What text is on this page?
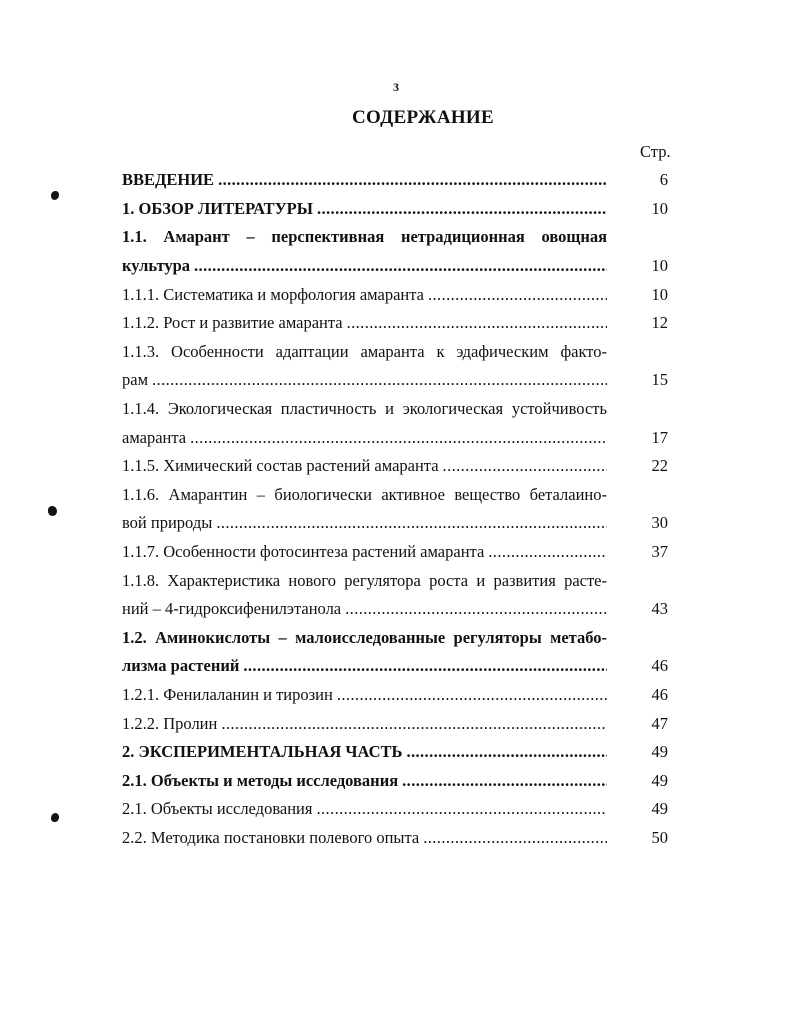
3
СОДЕРЖАНИЕ
Стр.
ВВЕДЕНИЕ .....	6
1. ОБЗОР ЛИТЕРАТУРЫ .....	10
1.1. Амарант – перспективная нетрадиционная овощная
культура .....	10
1.1.1. Систематика и морфология амаранта .....	10
1.1.2. Рост и развитие амаранта .....	12
1.1.3. Особенности адаптации амаранта к эдафическим факто-
рам .....	15
1.1.4. Экологическая пластичность и экологическая устойчивость
амаранта .....	17
1.1.5. Химический состав растений амаранта .....	22
1.1.6. Амарантин – биологически активное вещество беталаино-
вой природы .....	30
1.1.7. Особенности фотосинтеза растений амаранта .....	37
1.1.8. Характеристика нового регулятора роста и развития расте-
ний – 4-гидроксифенилэтанола .....	43
1.2. Аминокислоты – малоисследованные регуляторы метабо-
лизма растений .....	46
1.2.1. Фенилаланин и тирозин .....	46
1.2.2. Пролин .....	47
2. ЭКСПЕРИМЕНТАЛЬНАЯ ЧАСТЬ .....	49
2.1. Объекты и методы исследования .....	49
2.1. Объекты исследования .....	49
2.2. Методика постановки полевого опыта .....	50
